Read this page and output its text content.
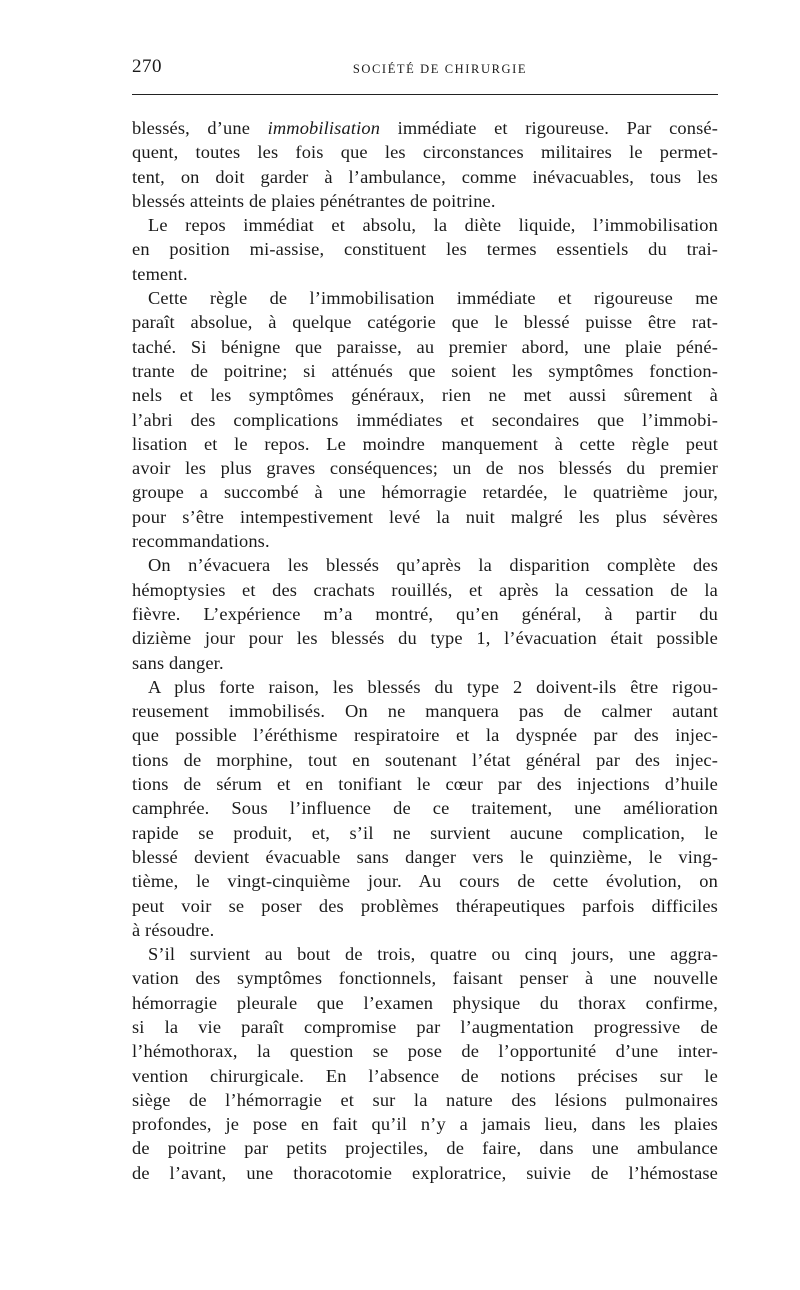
270	SOCIÉTÉ DE CHIRURGIE
blessés, d’une immobilisation immédiate et rigoureuse. Par consé-
quent, toutes les fois que les circonstances militaires le permet-
tent, on doit garder à l’ambulance, comme inévacuables, tous les
blessés atteints de plaies pénétrantes de poitrine.
Le repos immédiat et absolu, la diète liquide, l’immobilisation
en position mi-assise, constituent les termes essentiels du trai-
tement.
Cette règle de l’immobilisation immédiate et rigoureuse me
paraît absolue, à quelque catégorie que le blessé puisse être rat-
taché. Si bénigne que paraisse, au premier abord, une plaie péné-
trante de poitrine; si atténués que soient les symptômes fonction-
nels et les symptômes généraux, rien ne met aussi sûrement à
l’abri des complications immédiates et secondaires que l’immobi-
lisation et le repos. Le moindre manquement à cette règle peut
avoir les plus graves conséquences; un de nos blessés du premier
groupe a succombé à une hémorragie retardée, le quatrième jour,
pour s’être intempestivement levé la nuit malgré les plus sévères
recommandations.
On n’évacuera les blessés qu’après la disparition complète des
hémoptysies et des crachats rouillés, et après la cessation de la
fièvre. L’expérience m’a montré, qu’en général, à partir du
dizième jour pour les blessés du type 1, l’évacuation était possible
sans danger.
A plus forte raison, les blessés du type 2 doivent-ils être rigou-
reusement immobilisés. On ne manquera pas de calmer autant
que possible l’éréthisme respiratoire et la dyspnée par des injec-
tions de morphine, tout en soutenant l’état général par des injec-
tions de sérum et en tonifiant le cœur par des injections d’huile
camphrée. Sous l’influence de ce traitement, une amélioration
rapide se produit, et, s’il ne survient aucune complication, le
blessé devient évacuable sans danger vers le quinzième, le ving-
tième, le vingt-cinquième jour. Au cours de cette évolution, on
peut voir se poser des problèmes thérapeutiques parfois difficiles
à résoudre.
S’il survient au bout de trois, quatre ou cinq jours, une aggra-
vation des symptômes fonctionnels, faisant penser à une nouvelle
hémorragie pleurale que l’examen physique du thorax confirme,
si la vie paraît compromise par l’augmentation progressive de
l’hémothorax, la question se pose de l’opportunité d’une inter-
vention chirurgicale. En l’absence de notions précises sur le
siège de l’hémorragie et sur la nature des lésions pulmonaires
profondes, je pose en fait qu’il n’y a jamais lieu, dans les plaies
de poitrine par petits projectiles, de faire, dans une ambulance
de l’avant, une thoracotomie exploratrice, suivie de l’hémostase
